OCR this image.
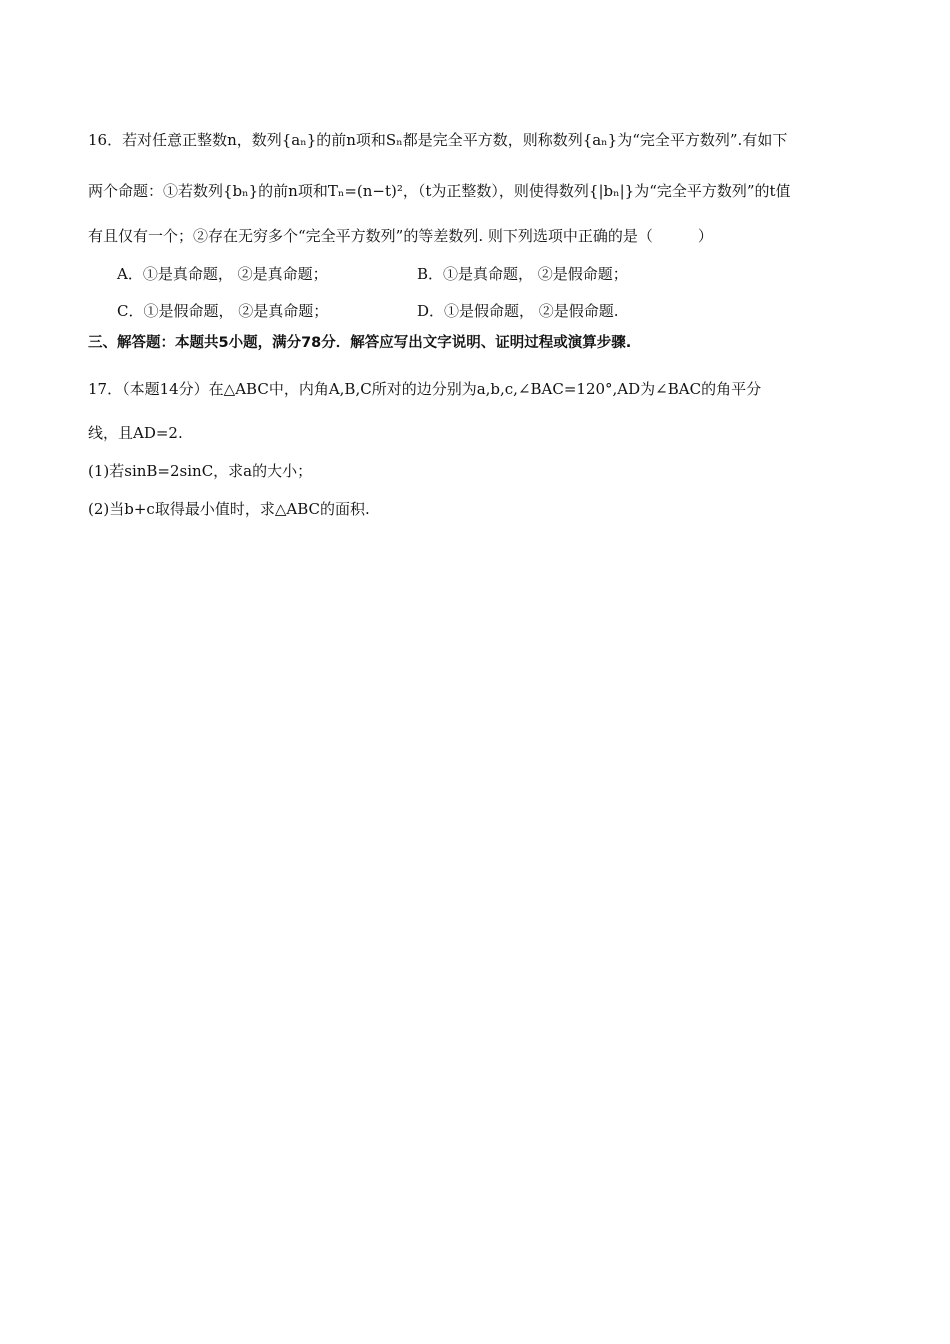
16．若对任意正整数n，数列{aₙ}的前n项和Sₙ都是完全平方数，则称数列{aₙ}为“完全平方数列”.有如下
两个命题：①若数列{bₙ}的前n项和Tₙ=(n−t)²，（t为正整数），则使得数列{|bₙ|}为“完全平方数列”的t值
有且仅有一个；②存在无穷多个“完全平方数列”的等差数列. 则下列选项中正确的是（　　　）
A．①是真命题， ②是真命题；	B．①是真命题， ②是假命题；
C．①是假命题， ②是真命题；	D．①是假命题， ②是假命题.
三、解答题：本题共5小题，满分78分．解答应写出文字说明、证明过程或演算步骤.
17．（本题14分）在△ABC中，内角A,B,C所对的边分别为a,b,c,∠BAC=120°,AD为∠BAC的角平分
线，且AD=2.
(1)若sinB=2sinC，求a的大小；
(2)当b+c取得最小值时，求△ABC的面积.
